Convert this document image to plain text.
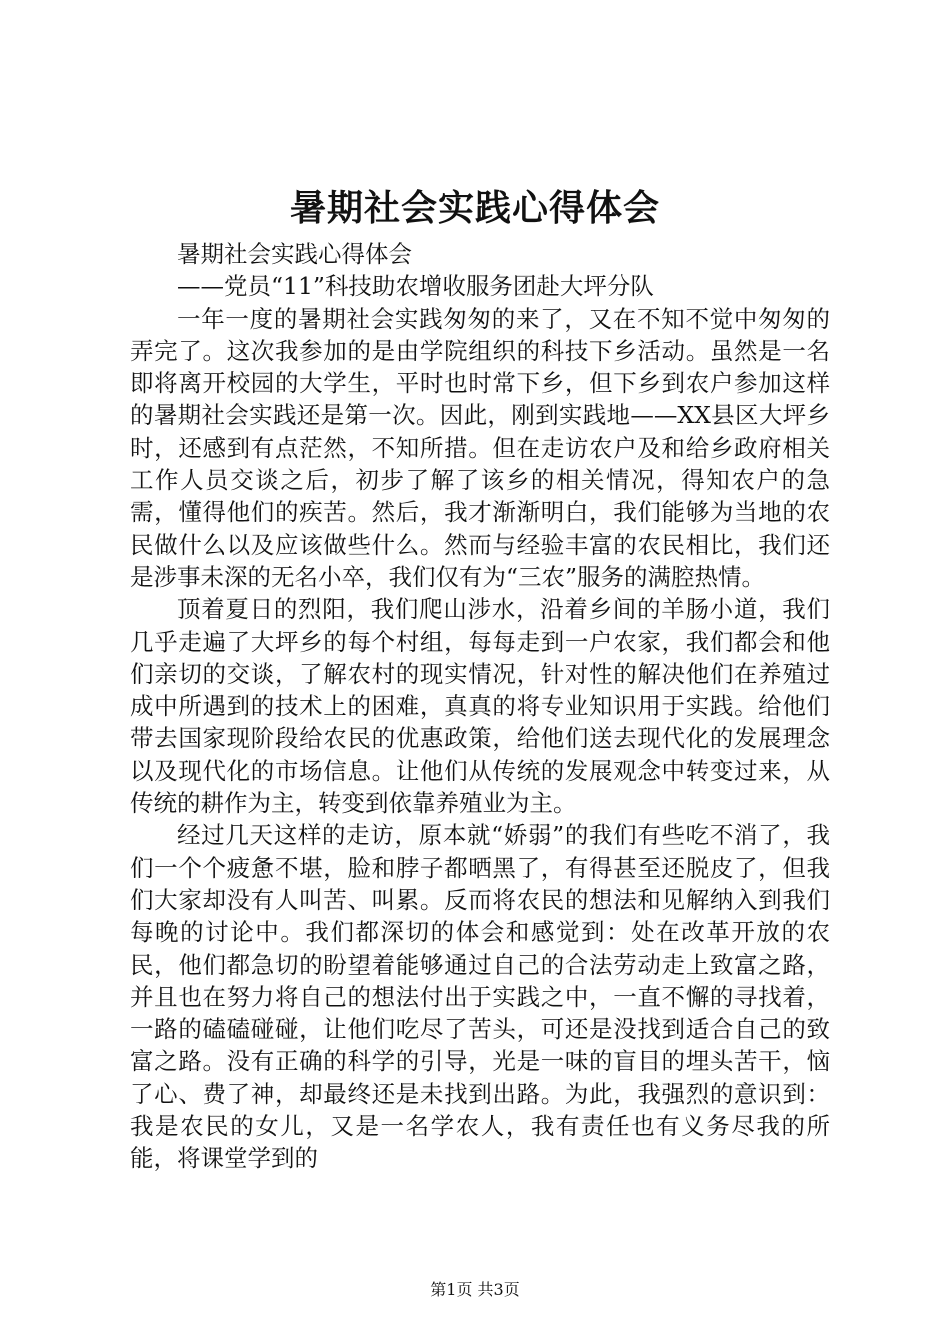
暑期社会实践心得体会

暑期社会实践心得体会

——党员“11”科技助农增收服务团赴大坪分队

一年一度的暑期社会实践匆匆的来了，又在不知不觉中匆匆的弄完了。这次我参加的是由学院组织的科技下乡活动。虽然是一名即将离开校园的大学生，平时也时常下乡，但下乡到农户参加这样的暑期社会实践还是第一次。因此，刚到实践地——XX县区大坪乡时，还感到有点茫然，不知所措。但在走访农户及和给乡政府相关工作人员交谈之后，初步了解了该乡的相关情况，得知农户的急需，懂得他们的疾苦。然后，我才渐渐明白，我们能够为当地的农民做什么以及应该做些什么。然而与经验丰富的农民相比，我们还是涉事未深的无名小卒，我们仅有为“三农”服务的满腔热情。

顶着夏日的烈阳，我们爬山涉水，沿着乡间的羊肠小道，我们几乎走遍了大坪乡的每个村组，每每走到一户农家，我们都会和他们亲切的交谈，了解农村的现实情况，针对性的解决他们在养殖过成中所遇到的技术上的困难，真真的将专业知识用于实践。给他们带去国家现阶段给农民的优惠政策，给他们送去现代化的发展理念以及现代化的市场信息。让他们从传统的发展观念中转变过来，从传统的耕作为主，转变到依靠养殖业为主。

经过几天这样的走访，原本就“娇弱”的我们有些吃不消了，我们一个个疲惫不堪，脸和脖子都晒黑了，有得甚至还脱皮了，但我们大家却没有人叫苦、叫累。反而将农民的想法和见解纳入到我们每晚的讨论中。我们都深切的体会和感觉到：处在改革开放的农民，他们都急切的盼望着能够通过自己的合法劳动走上致富之路，并且也在努力将自己的想法付出于实践之中，一直不懈的寻找着，一路的磕磕碰碰，让他们吃尽了苦头，可还是没找到适合自己的致富之路。没有正确的科学的引导，光是一味的盲目的埋头苦干，恼了心、费了神，却最终还是未找到出路。为此，我强烈的意识到：我是农民的女儿，又是一名学农人，我有责任也有义务尽我的所能，将课堂学到的

第1页 共3页
